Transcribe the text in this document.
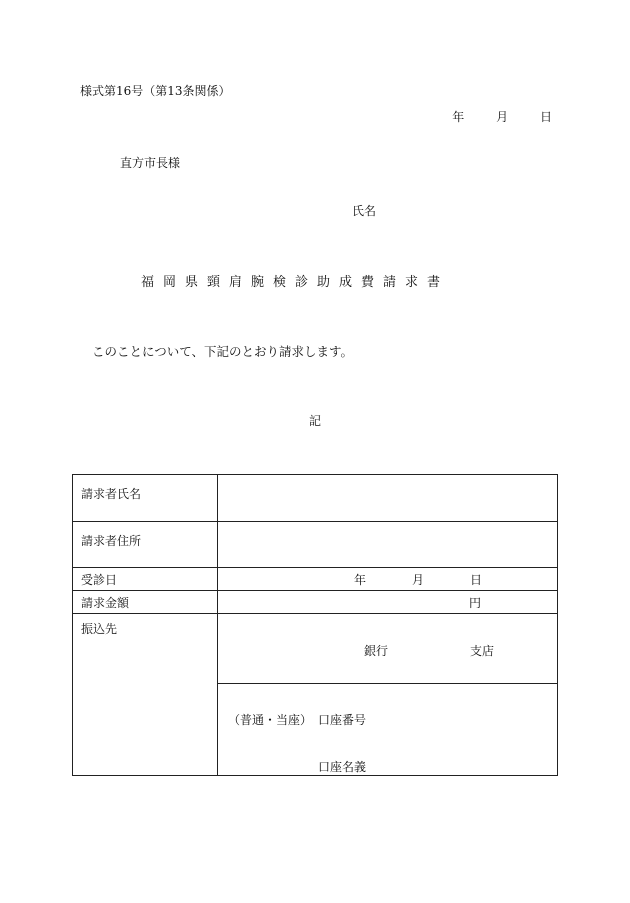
様式第16号（第13条関係）
年	月	日
直方市長様
氏名
福岡県頸肩腕検診助成費請求書
このことについて、下記のとおり請求します。
記
請求者氏名	
請求者住所	
受診日	年 月 日

請求金額	円

振込先	銀行 支店

	（普通・当座） 口座番号
口座名義
